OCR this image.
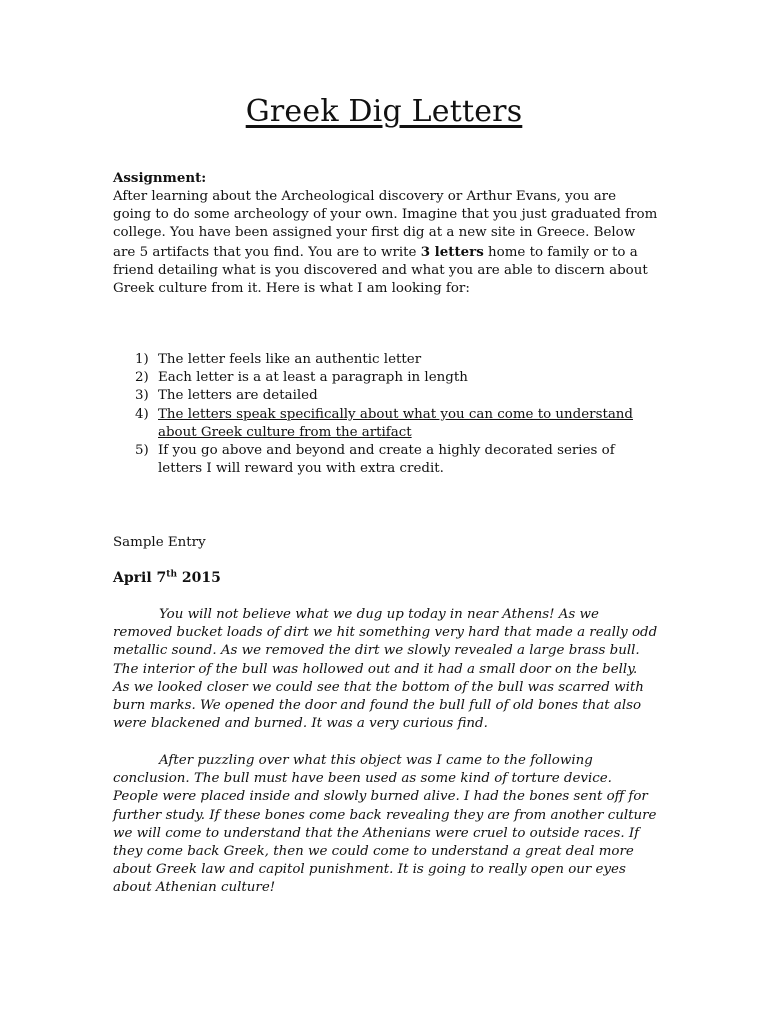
Greek Dig Letters
Assignment:
After learning about the Archeological discovery or Arthur Evans, you are going to do some archeology of your own. Imagine that you just graduated from college. You have been assigned your first dig at a new site in Greece. Below are 5 artifacts that you find. You are to write 3 letters home to family or to a friend detailing what is you discovered and what you are able to discern about Greek culture from it. Here is what I am looking for:
1) The letter feels like an authentic letter
2) Each letter is a at least a paragraph in length
3) The letters are detailed
4) The letters speak specifically about what you can come to understand about Greek culture from the artifact
5) If you go above and beyond and create a highly decorated series of letters I will reward you with extra credit.
Sample Entry
April 7th 2015
You will not believe what we dug up today in near Athens! As we removed bucket loads of dirt we hit something very hard that made a really odd metallic sound. As we removed the dirt we slowly revealed a large brass bull. The interior of the bull was hollowed out and it had a small door on the belly. As we looked closer we could see that the bottom of the bull was scarred with burn marks. We opened the door and found the bull full of old bones that also were blackened and burned. It was a very curious find.
After puzzling over what this object was I came to the following conclusion. The bull must have been used as some kind of torture device. People were placed inside and slowly burned alive. I had the bones sent off for further study. If these bones come back revealing they are from another culture we will come to understand that the Athenians were cruel to outside races. If they come back Greek, then we could come to understand a great deal more about Greek law and capitol punishment. It is going to really open our eyes about Athenian culture!
